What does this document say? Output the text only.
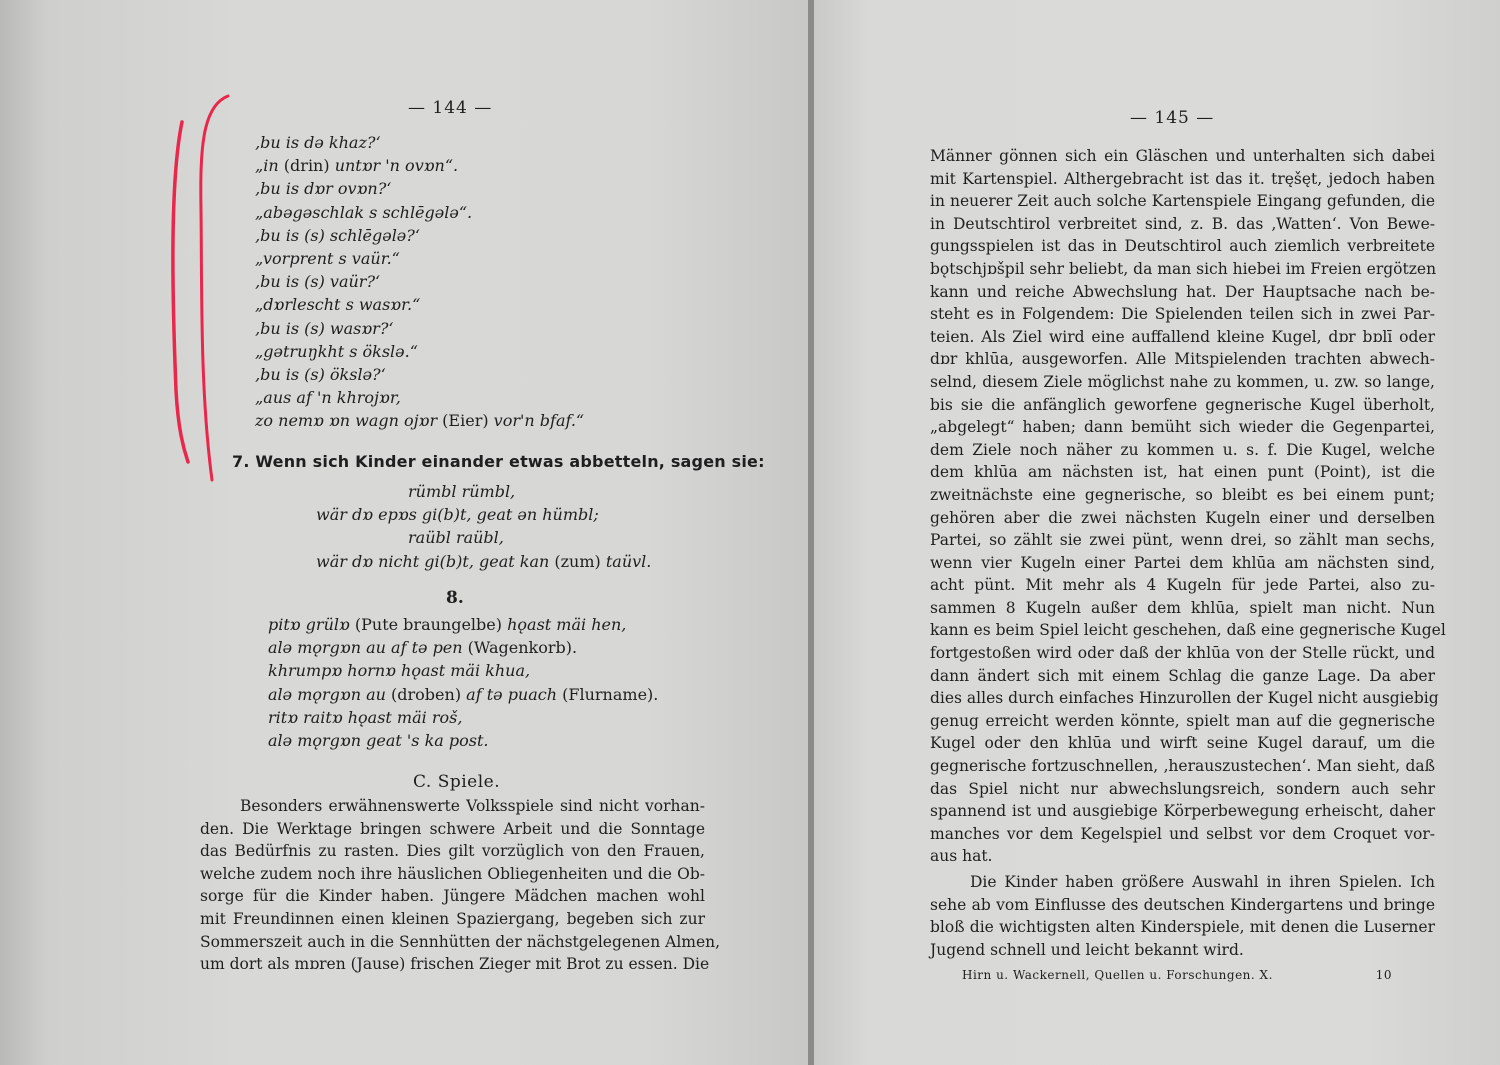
— 144 —
‚bu is də khaz?‘
„in (drin) untɒr 'n ovɒn“.
‚bu is dɒr ovɒn?‘
„abəgəschlak s schlēgələ“.
‚bu is (s) schlēgələ?‘
„vorprent s vaür.“
‚bu is (s) vaür?‘
„dɒrlescht s wasɒr.“
‚bu is (s) wasɒr?‘
„gətruŋkht s ökslə.“
‚bu is (s) ökslə?‘
„aus af 'n khrojɒr,
zo nemɒ ɒn wagn ojɒr (Eier) vor'n bfaf.“
7. Wenn sich Kinder einander etwas abbetteln, sagen sie:
rümbl rümbl,
wär dɒ epɒs gi(b)t, geat ən hümbl;
raübl raübl,
wär dɒ nicht gi(b)t, geat kan (zum) taüvl.
8.
pitɒ grülɒ (Pute braungelbe) hǫast mäi hen,
alə mǫrgɒn au af tə pen (Wagenkorb).
khrumpɒ hornɒ hǫast mäi khua,
alə mǫrgɒn au (droben) af tə puach (Flurname).
ritɒ raitɒ hǫast mäi roš,
alə mǫrgɒn geat 's ka post.
C. Spiele.
Besonders erwähnenswerte Volksspiele sind nicht vorhan-
den. Die Werktage bringen schwere Arbeit und die Sonntage
das Bedürfnis zu rasten. Dies gilt vorzüglich von den Frauen,
welche zudem noch ihre häuslichen Obliegenheiten und die Ob-
sorge für die Kinder haben. Jüngere Mädchen machen wohl
mit Freundinnen einen kleinen Spaziergang, begeben sich zur
Sommerszeit auch in die Sennhütten der nächstgelegenen Almen,
um dort als mɒren (Jause) frischen Zieger mit Brot zu essen. Die
— 145 —
Männer gönnen sich ein Gläschen und unterhalten sich dabei
mit Kartenspiel. Althergebracht ist das it. tręšęt, jedoch haben
in neuerer Zeit auch solche Kartenspiele Eingang gefunden, die
in Deutschtirol verbreitet sind, z. B. das ‚Watten‘. Von Bewe-
gungsspielen ist das in Deutschtirol auch ziemlich verbreitete
bǫtschjɒšpil sehr beliebt, da man sich hiebei im Freien ergötzen
kann und reiche Abwechslung hat. Der Hauptsache nach be-
steht es in Folgendem: Die Spielenden teilen sich in zwei Par-
teien. Als Ziel wird eine auffallend kleine Kugel, dɒr bɒlī oder
dɒr khlūa, ausgeworfen. Alle Mitspielenden trachten abwech-
selnd, diesem Ziele möglichst nahe zu kommen, u. zw. so lange,
bis sie die anfänglich geworfene gegnerische Kugel überholt,
„abgelegt“ haben; dann bemüht sich wieder die Gegenpartei,
dem Ziele noch näher zu kommen u. s. f. Die Kugel, welche
dem khlūa am nächsten ist, hat einen punt (Point), ist die
zweitnächste eine gegnerische, so bleibt es bei einem punt;
gehören aber die zwei nächsten Kugeln einer und derselben
Partei, so zählt sie zwei pünt, wenn drei, so zählt man sechs,
wenn vier Kugeln einer Partei dem khlūa am nächsten sind,
acht pünt. Mit mehr als 4 Kugeln für jede Partei, also zu-
sammen 8 Kugeln außer dem khlūa, spielt man nicht. Nun
kann es beim Spiel leicht geschehen, daß eine gegnerische Kugel
fortgestoßen wird oder daß der khlūa von der Stelle rückt, und
dann ändert sich mit einem Schlag die ganze Lage. Da aber
dies alles durch einfaches Hinzurollen der Kugel nicht ausgiebig
genug erreicht werden könnte, spielt man auf die gegnerische
Kugel oder den khlūa und wirft seine Kugel darauf, um die
gegnerische fortzuschnellen, ‚herauszustechen‘. Man sieht, daß
das Spiel nicht nur abwechslungsreich, sondern auch sehr
spannend ist und ausgiebige Körperbewegung erheischt, daher
manches vor dem Kegelspiel und selbst vor dem Croquet vor-
aus hat.
Die Kinder haben größere Auswahl in ihren Spielen. Ich
sehe ab vom Einflusse des deutschen Kindergartens und bringe
bloß die wichtigsten alten Kinderspiele, mit denen die Luserner
Jugend schnell und leicht bekannt wird.
Hirn u. Wackernell, Quellen u. Forschungen. X.	10
